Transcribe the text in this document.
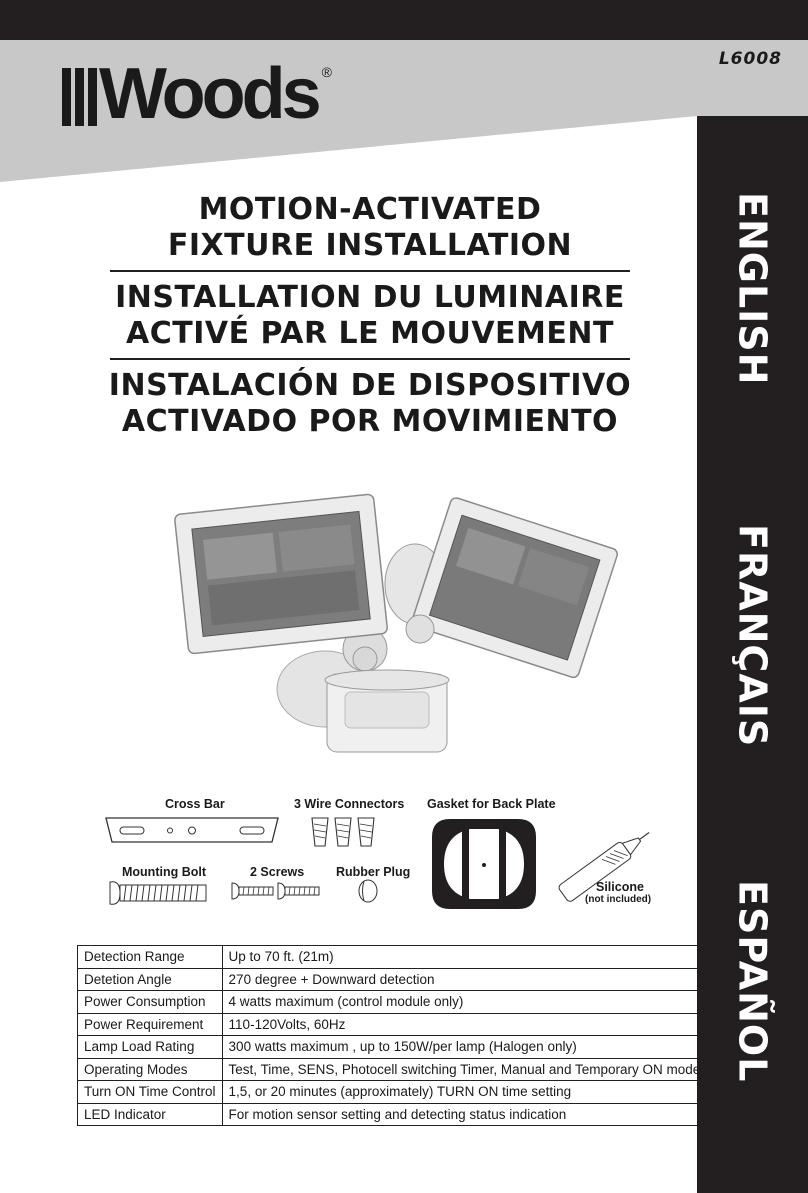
L6008
Woods ®
ENGLISH
FRANÇAIS
ESPAÑOL
MOTION-ACTIVATED
FIXTURE INSTALLATION
INSTALLATION DU LUMINAIRE
ACTIVÉ PAR LE MOUVEMENT
INSTALACIÓN DE DISPOSITIVO
ACTIVADO POR MOVIMIENTO
Cross Bar	3 Wire Connectors Gasket for Back Plate
Mounting Bolt	2 Screws	Rubber Plug
Silicone
(not included)
Detection Range	Up to 70 ft. (21m)
Detetion Angle	270 degree + Downward detection
Power Consumption	4 watts maximum (control module only)
Power Requirement	110-120Volts, 60Hz
Lamp Load Rating	300 watts maximum , up to 150W/per lamp (Halogen only)
Operating Modes	Test, Time, SENS, Photocell switching Timer, Manual and Temporary ON mode
Turn ON Time Control	1,5, or 20 minutes (approximately) TURN ON time setting
LED Indicator	For motion sensor setting and detecting status indication
